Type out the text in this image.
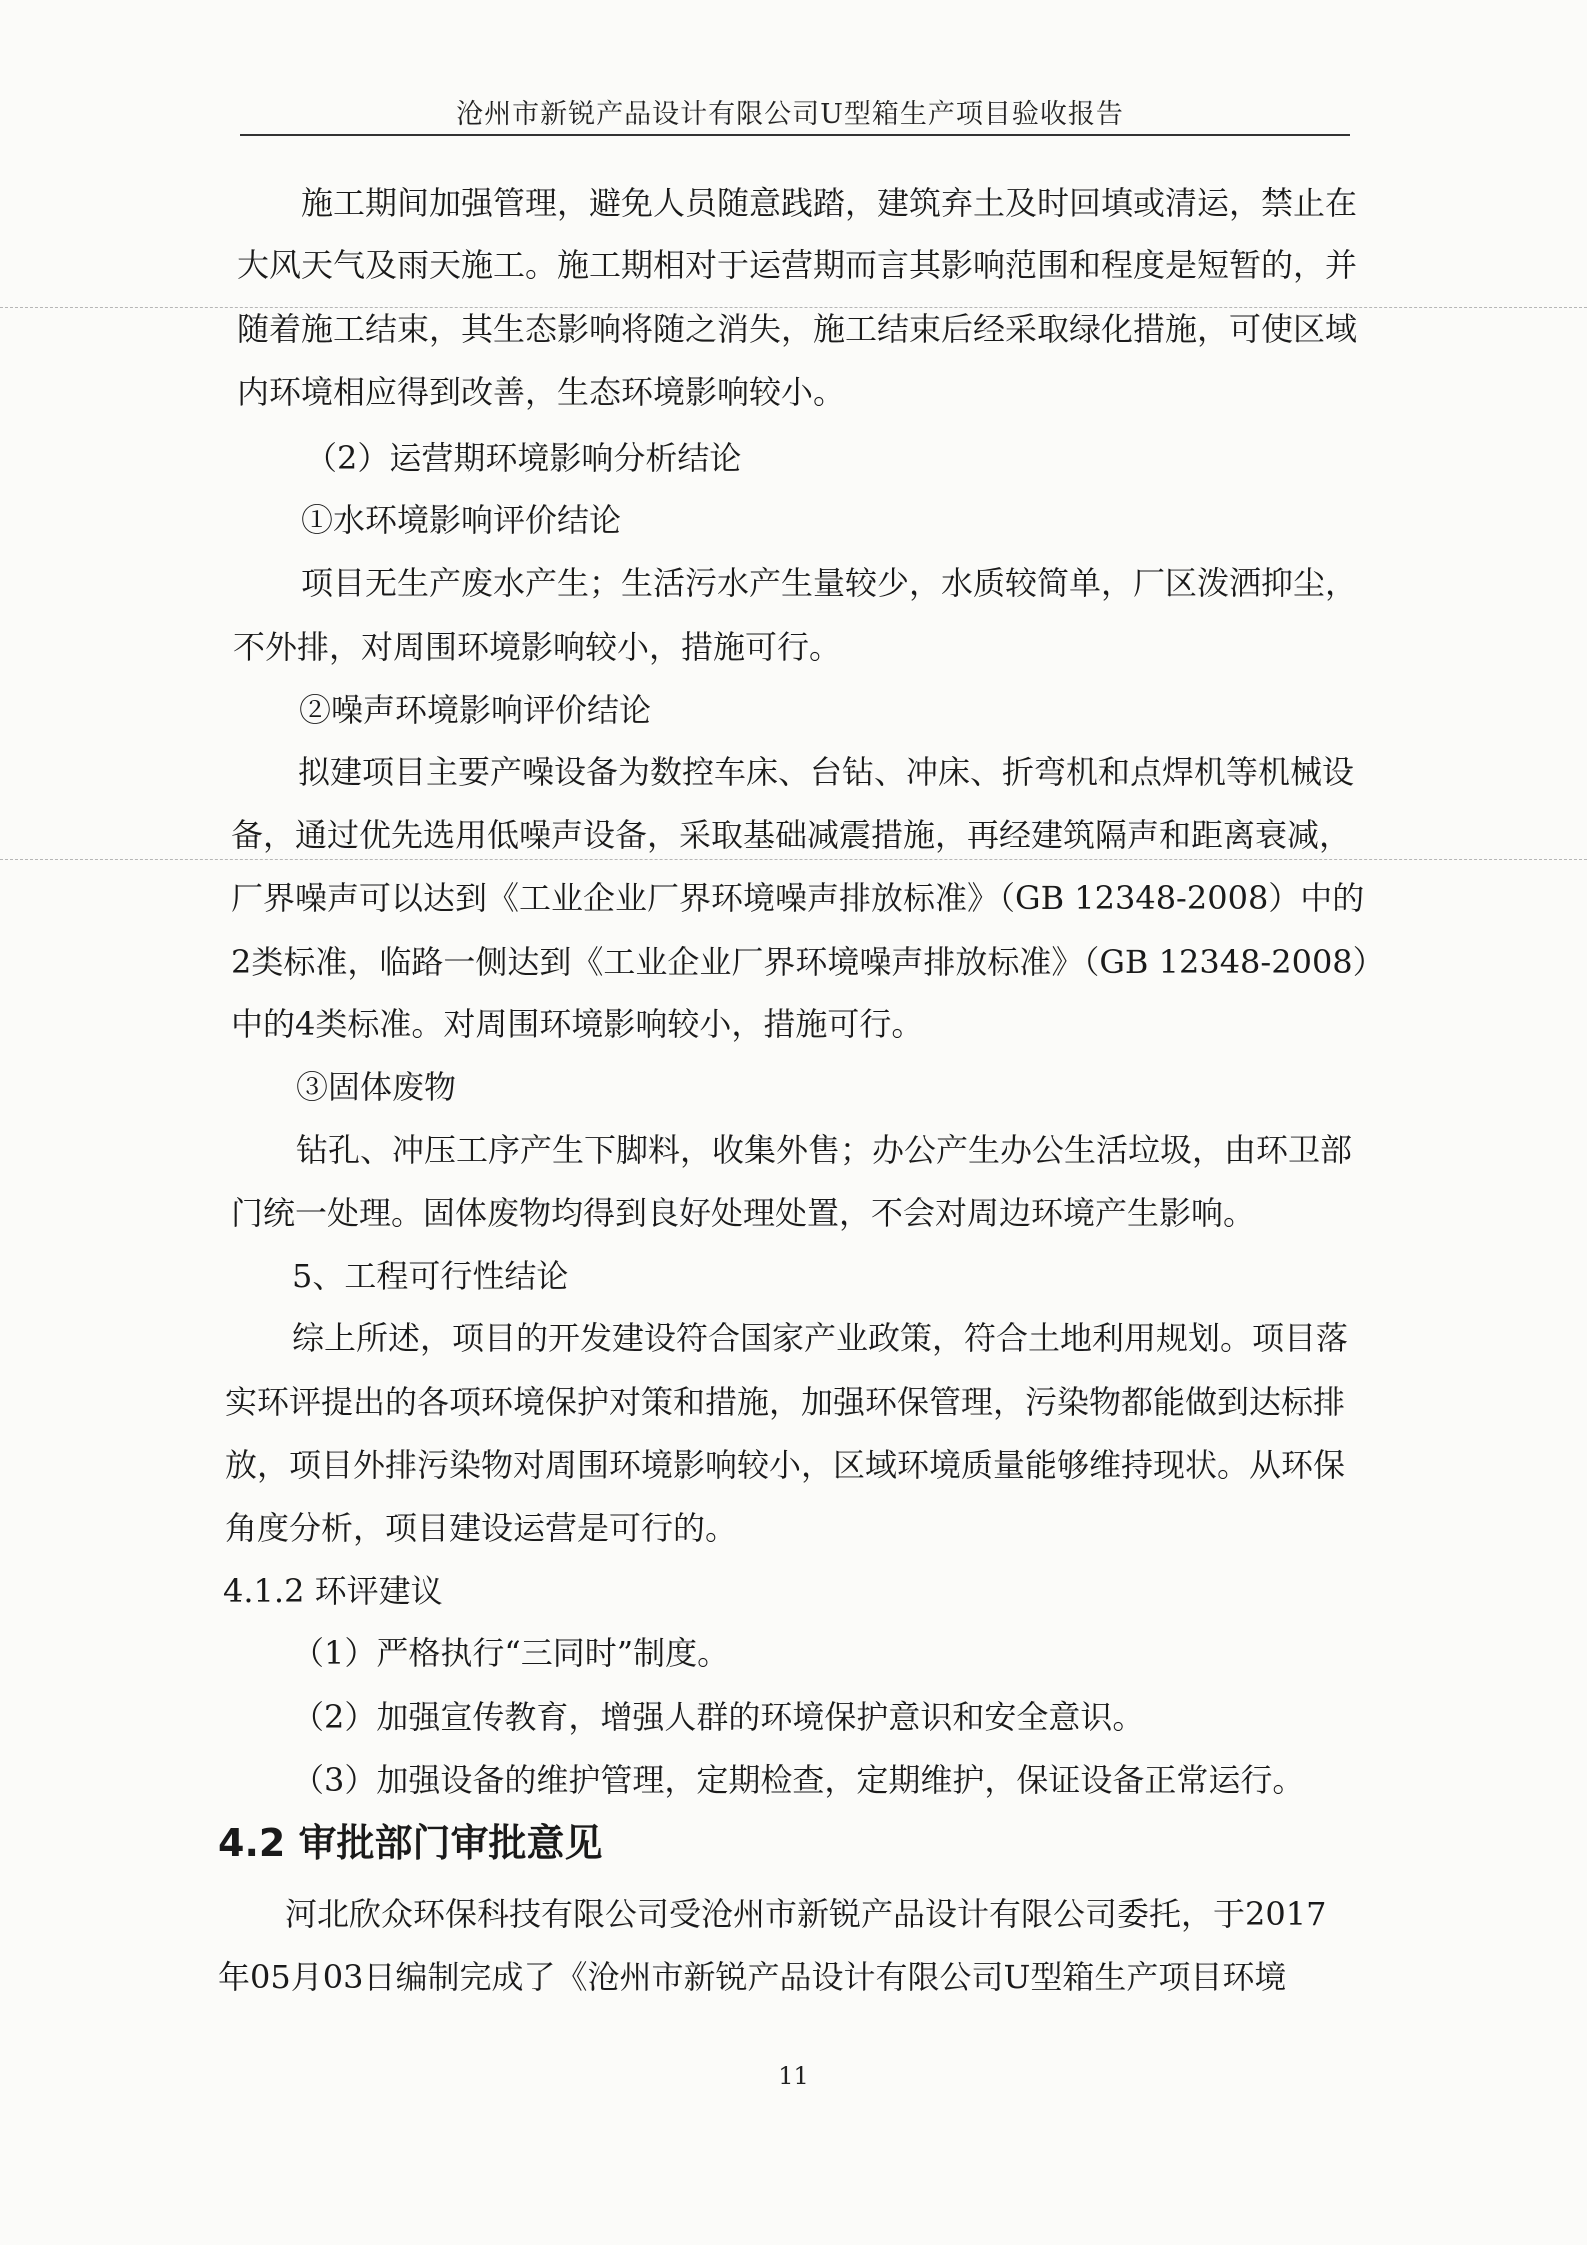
沧州市新锐产品设计有限公司U型箱生产项目验收报告
施工期间加强管理，避免人员随意践踏，建筑弃土及时回填或清运，禁止在
大风天气及雨天施工。施工期相对于运营期而言其影响范围和程度是短暂的，并
随着施工结束，其生态影响将随之消失，施工结束后经采取绿化措施，可使区域
内环境相应得到改善，生态环境影响较小。
（2）运营期环境影响分析结论
①水环境影响评价结论
项目无生产废水产生；生活污水产生量较少，水质较简单，厂区泼洒抑尘，
不外排，对周围环境影响较小，措施可行。
②噪声环境影响评价结论
拟建项目主要产噪设备为数控车床、台钻、冲床、折弯机和点焊机等机械设
备，通过优先选用低噪声设备，采取基础减震措施，再经建筑隔声和距离衰减，
厂界噪声可以达到《工业企业厂界环境噪声排放标准》（GB 12348-2008）中的
2类标准，临路一侧达到《工业企业厂界环境噪声排放标准》（GB 12348-2008）
中的4类标准。对周围环境影响较小，措施可行。
③固体废物
钻孔、冲压工序产生下脚料，收集外售；办公产生办公生活垃圾，由环卫部
门统一处理。固体废物均得到良好处理处置，不会对周边环境产生影响。
5、工程可行性结论
综上所述，项目的开发建设符合国家产业政策，符合土地利用规划。项目落
实环评提出的各项环境保护对策和措施，加强环保管理，污染物都能做到达标排
放，项目外排污染物对周围环境影响较小，区域环境质量能够维持现状。从环保
角度分析，项目建设运营是可行的。
4.1.2 环评建议
（1）严格执行“三同时”制度。
（2）加强宣传教育，增强人群的环境保护意识和安全意识。
（3）加强设备的维护管理，定期检查，定期维护，保证设备正常运行。
4.2 审批部门审批意见
河北欣众环保科技有限公司受沧州市新锐产品设计有限公司委托，于2017
年05月03日编制完成了《沧州市新锐产品设计有限公司U型箱生产项目环境
11
